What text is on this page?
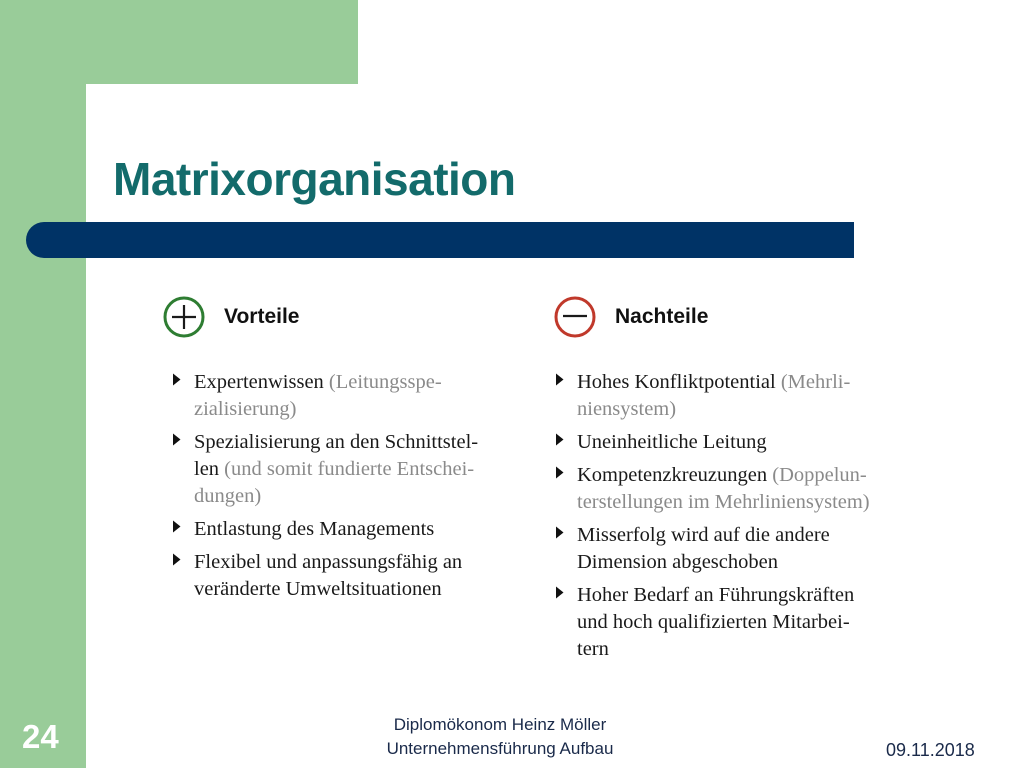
Matrixorganisation
Vorteile
Expertenwissen (Leitungsspe-
zialisierung)
Spezialisierung an den Schnittstel-
len (und somit fundierte Entschei-
dungen)
Entlastung des Managements
Flexibel und anpassungsfähig an
veränderte Umweltsituationen
Nachteile
Hohes Konfliktpotential (Mehrli-
niensystem)
Uneinheitliche Leitung
Kompetenzkreuzungen (Doppelun-
terstellungen im Mehrliniensystem)
Misserfolg wird auf die andere
Dimension abgeschoben
Hoher Bedarf an Führungskräften
und hoch qualifizierten Mitarbei-
tern
Diplomökonom Heinz Möller
Unternehmensführung Aufbau
24	09.11.2018
